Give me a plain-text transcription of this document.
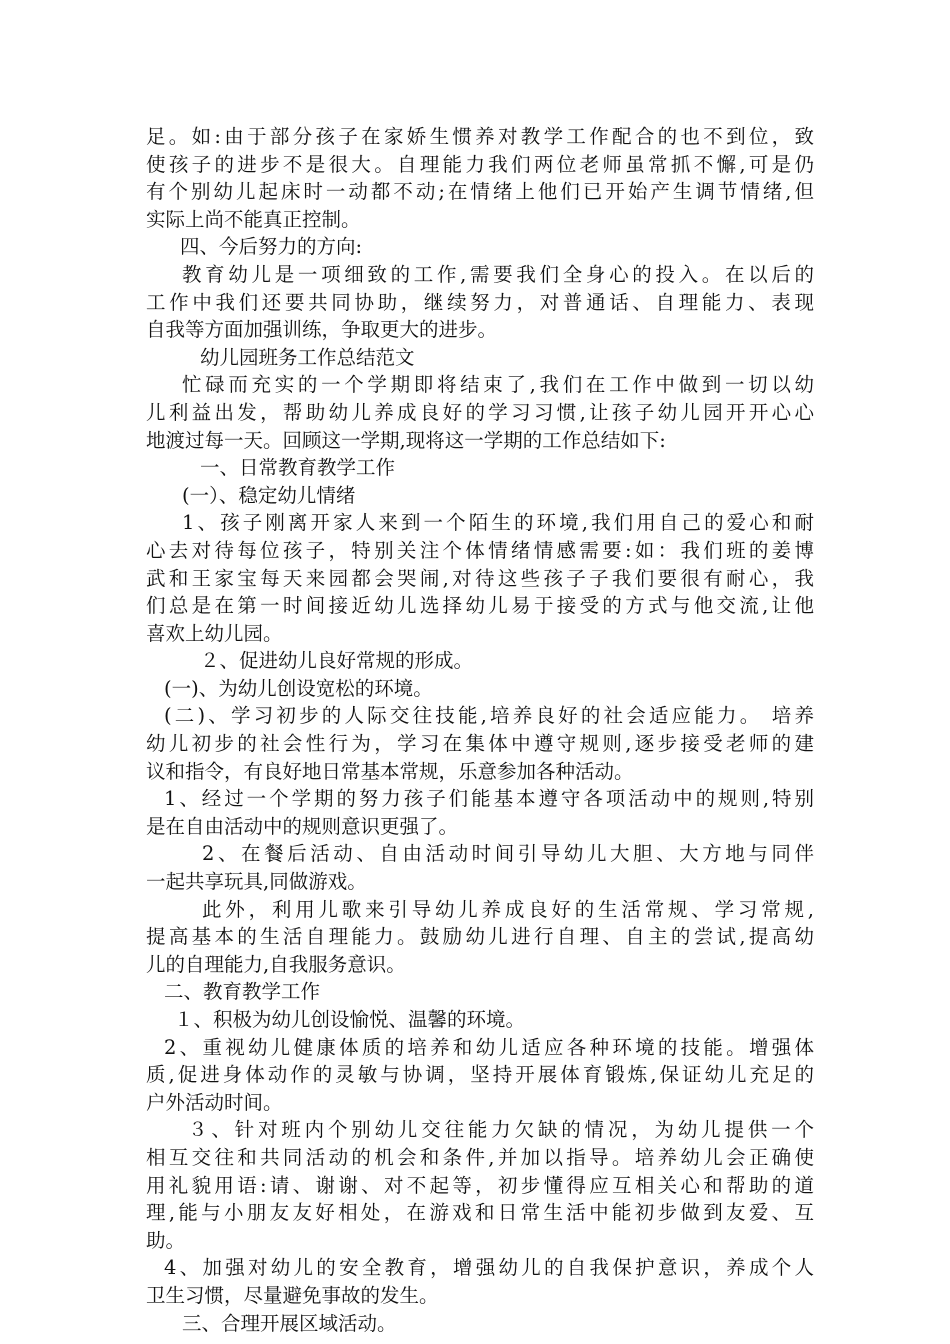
足。如:由于部分孩子在家娇生惯养对教学工作配合的也不到位，致
使孩子的进步不是很大。自理能力我们两位老师虽常抓不懈,可是仍
有个别幼儿起床时一动都不动;在情绪上他们已开始产生调节情绪,但
实际上尚不能真正控制。
四、今后努力的方向:
教育幼儿是一项细致的工作,需要我们全身心的投入。在以后的
工作中我们还要共同协助，继续努力，对普通话、自理能力、表现
自我等方面加强训练，争取更大的进步。
幼儿园班务工作总结范文
忙碌而充实的一个学期即将结束了,我们在工作中做到一切以幼
儿利益出发，帮助幼儿养成良好的学习习惯,让孩子幼儿园开开心心
地渡过每一天。回顾这一学期,现将这一学期的工作总结如下:
一、日常教育教学工作
(一）、稳定幼儿情绪
1、孩子刚离开家人来到一个陌生的环境,我们用自己的爱心和耐
心去对待每位孩子，特别关注个体情绪情感需要:如：我们班的姜博
武和王家宝每天来园都会哭闹,对待这些孩子子我们要很有耐心，我
们总是在第一时间接近幼儿选择幼儿易于接受的方式与他交流,让他
喜欢上幼儿园。
２、促进幼儿良好常规的形成。
(一)、为幼儿创设宽松的环境。
(二)、学习初步的人际交往技能,培养良好的社会适应能力。 培养
幼儿初步的社会性行为，学习在集体中遵守规则,逐步接受老师的建
议和指令，有良好地日常基本常规，乐意参加各种活动。
1、经过一个学期的努力孩子们能基本遵守各项活动中的规则,特别
是在自由活动中的规则意识更强了。
2、在餐后活动、自由活动时间引导幼儿大胆、大方地与同伴
一起共享玩具,同做游戏。
此外，利用儿歌来引导幼儿养成良好的生活常规、学习常规,
提高基本的生活自理能力。鼓励幼儿进行自理、自主的尝试,提高幼
儿的自理能力,自我服务意识。
二、教育教学工作
１、积极为幼儿创设愉悦、温馨的环境。
2、重视幼儿健康体质的培养和幼儿适应各种环境的技能。增强体
质,促进身体动作的灵敏与协调，坚持开展体育锻炼,保证幼儿充足的
户外活动时间。
３、针对班内个别幼儿交往能力欠缺的情况，为幼儿提供一个
相互交往和共同活动的机会和条件,并加以指导。培养幼儿会正确使
用礼貌用语:请、谢谢、对不起等，初步懂得应互相关心和帮助的道
理,能与小朋友友好相处，在游戏和日常生活中能初步做到友爱、互
助。
4、加强对幼儿的安全教育，增强幼儿的自我保护意识，养成个人
卫生习惯，尽量避免事故的发生。
三、合理开展区域活动。
